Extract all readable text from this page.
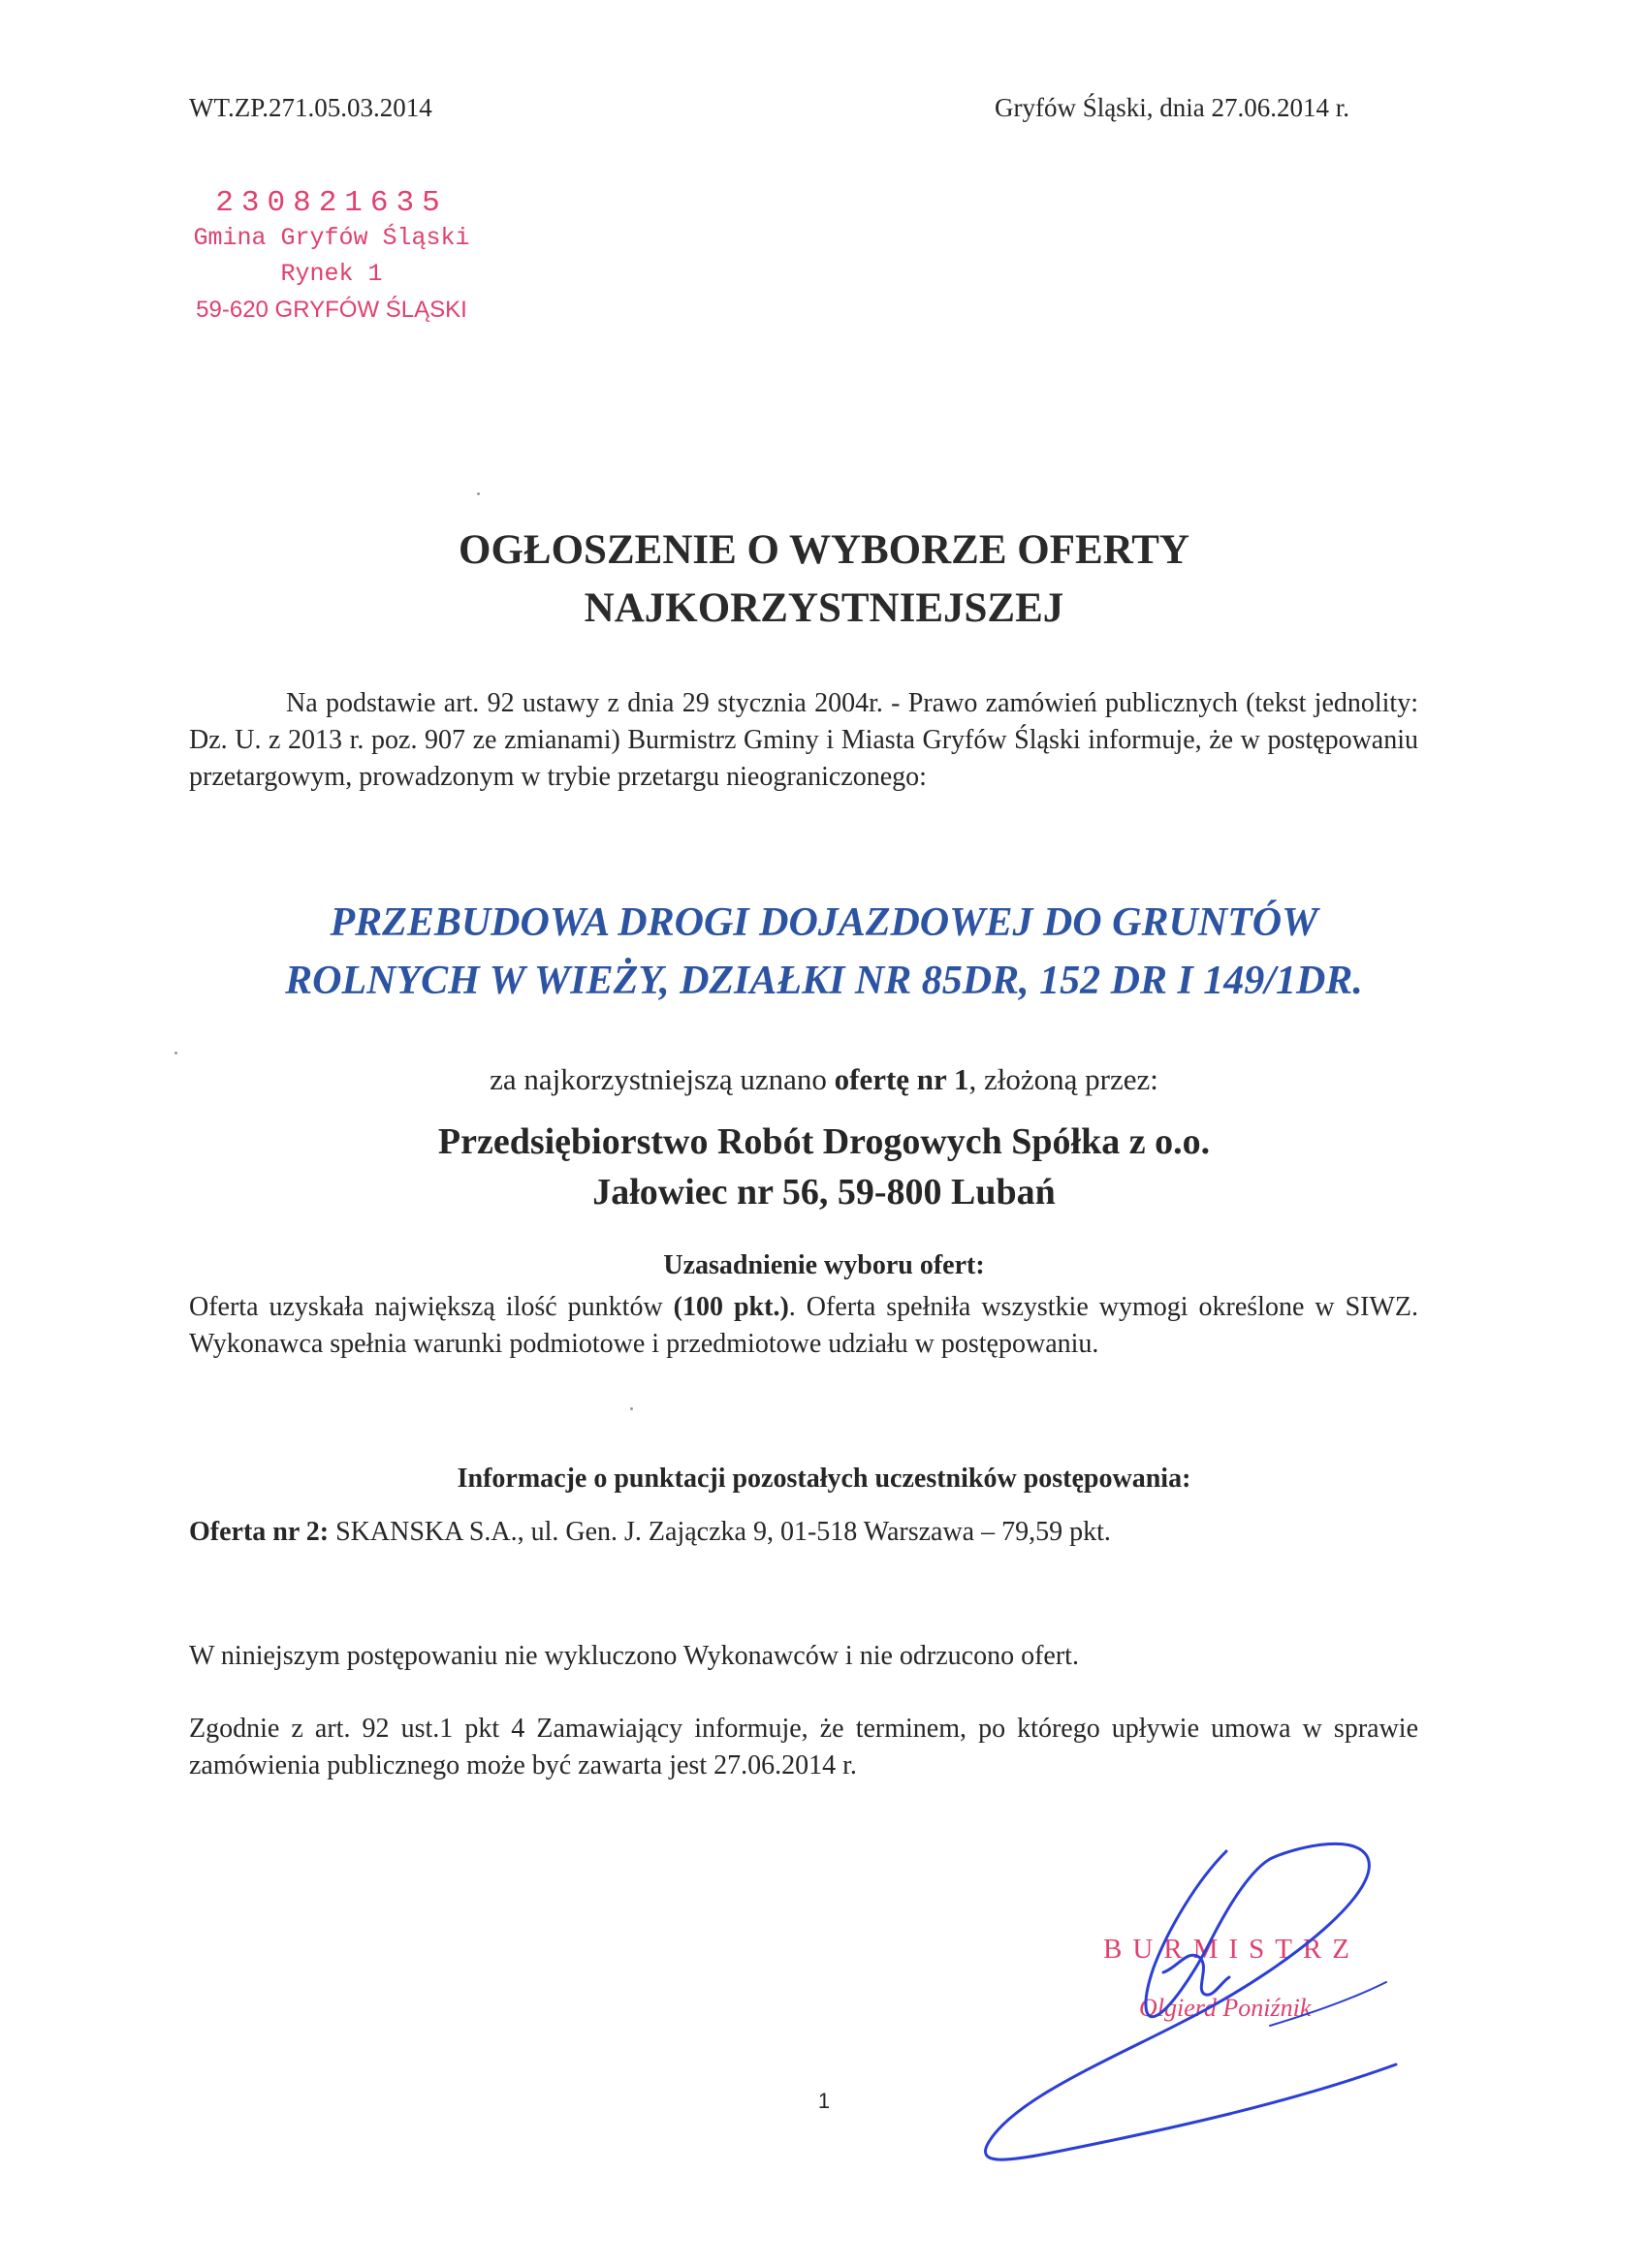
WT.ZP.271.05.03.2014	Gryfów Śląski, dnia 27.06.2014 r.

230821635
Gmina Gryfów Śląski
Rynek 1
59-620 GRYFÓW ŚLĄSKI
OGŁOSZENIE O WYBORZE OFERTY
NAJKORZYSTNIEJSZEJ
Na podstawie art. 92 ustawy z dnia 29 stycznia 2004r. - Prawo zamówień publicznych (tekst jednolity: Dz. U. z 2013 r. poz. 907 ze zmianami) Burmistrz Gminy i Miasta Gryfów Śląski informuje, że w postępowaniu przetargowym, prowadzonym w trybie przetargu nieograniczonego:
PRZEBUDOWA DROGI DOJAZDOWEJ DO GRUNTÓW
ROLNYCH W WIEŻY, DZIAŁKI NR 85DR, 152 DR I 149/1DR.
za najkorzystniejszą uznano ofertę nr 1, złożoną przez:
Przedsiębiorstwo Robót Drogowych Spółka z o.o.
Jałowiec nr 56, 59-800 Lubań
Uzasadnienie wyboru ofert:
Oferta uzyskała największą ilość punktów (100 pkt.). Oferta spełniła wszystkie wymogi określone w SIWZ. Wykonawca spełnia warunki podmiotowe i przedmiotowe udziału w postępowaniu.
Informacje o punktacji pozostałych uczestników postępowania:
Oferta nr 2: SKANSKA S.A., ul. Gen. J. Zajączka 9, 01-518 Warszawa – 79,59 pkt.
W niniejszym postępowaniu nie wykluczono Wykonawców i nie odrzucono ofert.
Zgodnie z art. 92 ust.1 pkt 4 Zamawiający informuje, że terminem, po którego upływie umowa w sprawie zamówienia publicznego może być zawarta jest 27.06.2014 r.
BURMISTRZ
Olgierd Poniźnik
1
